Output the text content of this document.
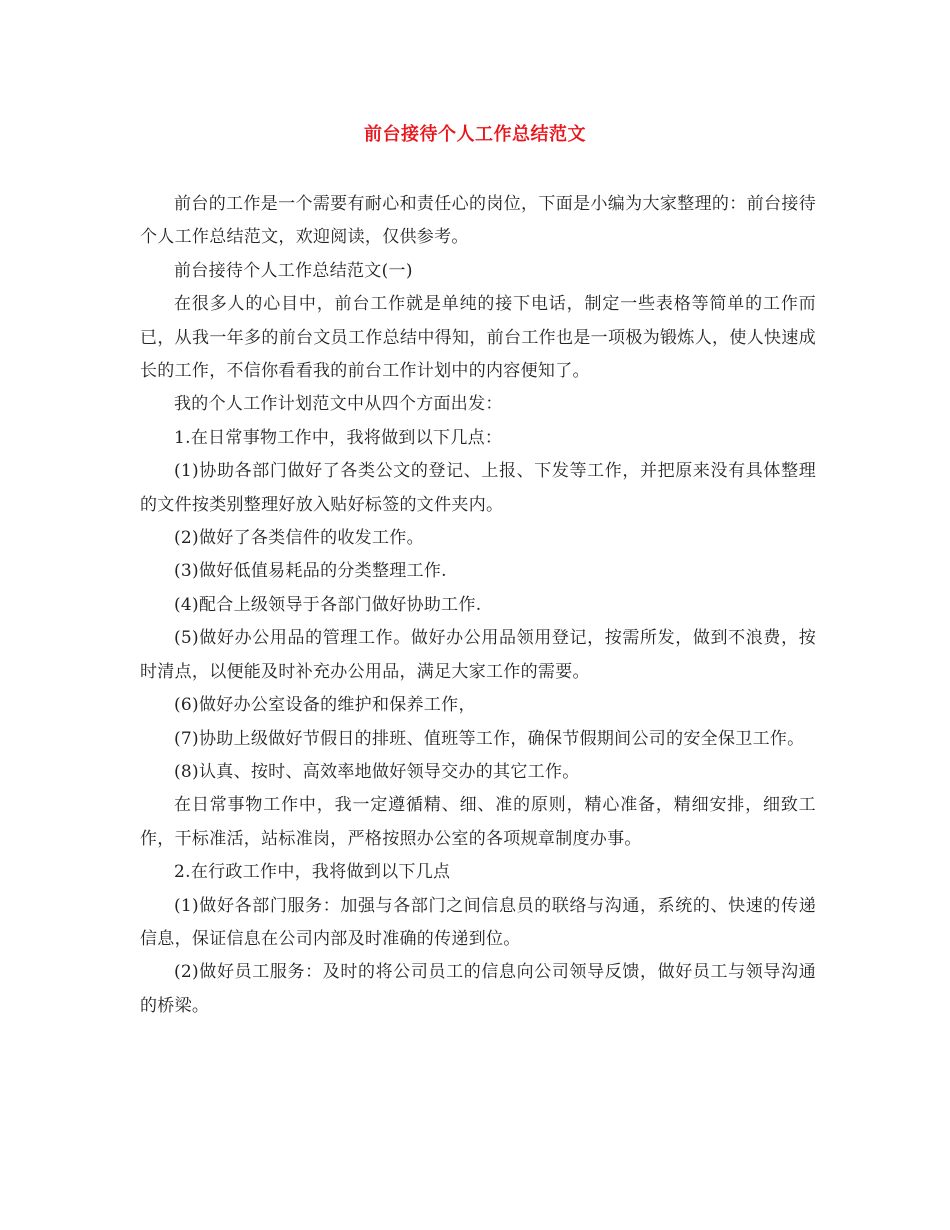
前台接待个人工作总结范文

前台的工作是一个需要有耐心和责任心的岗位，下面是小编为大家整理的：前台接待个人工作总结范文，欢迎阅读，仅供参考。

前台接待个人工作总结范文(一)

在很多人的心目中，前台工作就是单纯的接下电话，制定一些表格等简单的工作而已，从我一年多的前台文员工作总结中得知，前台工作也是一项极为锻炼人，使人快速成长的工作，不信你看看我的前台工作计划中的内容便知了。

我的个人工作计划范文中从四个方面出发：

1.在日常事物工作中，我将做到以下几点：

(1)协助各部门做好了各类公文的登记、上报、下发等工作，并把原来没有具体整理的文件按类别整理好放入贴好标签的文件夹内。

(2)做好了各类信件的收发工作。

(3)做好低值易耗品的分类整理工作.

(4)配合上级领导于各部门做好协助工作.

(5)做好办公用品的管理工作。做好办公用品领用登记，按需所发，做到不浪费，按时清点，以便能及时补充办公用品，满足大家工作的需要。

(6)做好办公室设备的维护和保养工作，

(7)协助上级做好节假日的排班、值班等工作，确保节假期间公司的安全保卫工作。

(8)认真、按时、高效率地做好领导交办的其它工作。

在日常事物工作中，我一定遵循精、细、准的原则，精心准备，精细安排，细致工作，干标准活，站标准岗，严格按照办公室的各项规章制度办事。

2.在行政工作中，我将做到以下几点

(1)做好各部门服务：加强与各部门之间信息员的联络与沟通，系统的、快速的传递信息，保证信息在公司内部及时准确的传递到位。

(2)做好员工服务：及时的将公司员工的信息向公司领导反馈，做好员工与领导沟通的桥梁。
